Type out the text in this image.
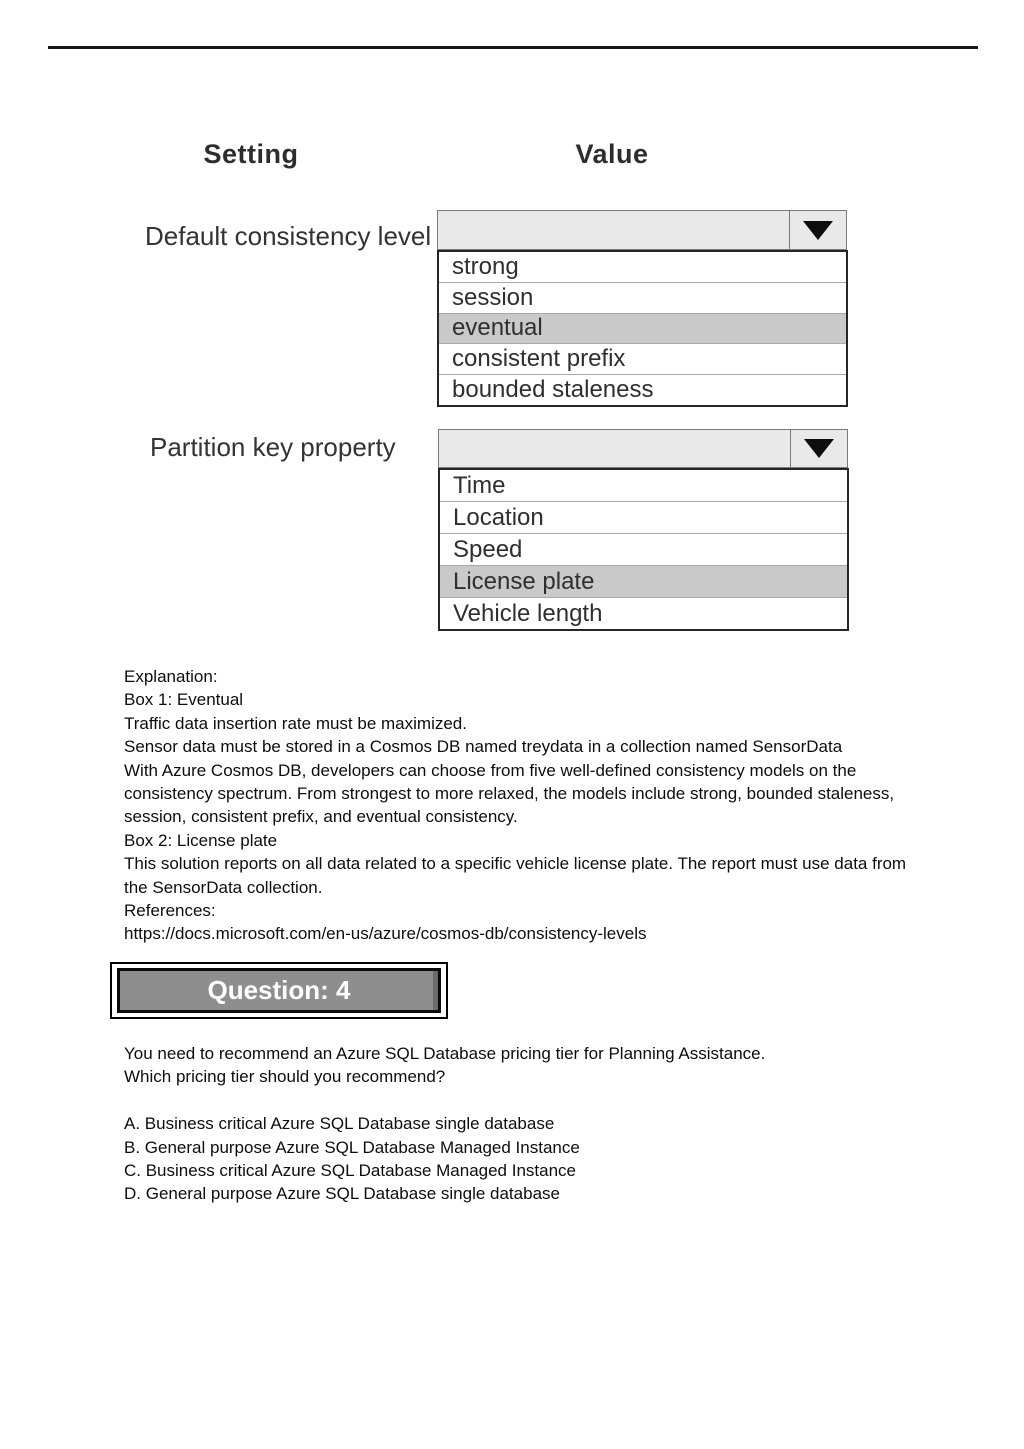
Setting	Value
Default consistency level
strong
session
eventual
consistent prefix
bounded staleness
Partition key property
Time
Location
Speed
License plate
Vehicle length
Explanation:
Box 1: Eventual
Traffic data insertion rate must be maximized.
Sensor data must be stored in a Cosmos DB named treydata in a collection named SensorData
With Azure Cosmos DB, developers can choose from five well-defined consistency models on the
consistency spectrum. From strongest to more relaxed, the models include strong, bounded staleness,
session, consistent prefix, and eventual consistency.
Box 2: License plate
This solution reports on all data related to a specific vehicle license plate. The report must use data from
the SensorData collection.
References:
https://docs.microsoft.com/en-us/azure/cosmos-db/consistency-levels
Question: 4
You need to recommend an Azure SQL Database pricing tier for Planning Assistance.
Which pricing tier should you recommend?
A. Business critical Azure SQL Database single database
B. General purpose Azure SQL Database Managed Instance
C. Business critical Azure SQL Database Managed Instance
D. General purpose Azure SQL Database single database
